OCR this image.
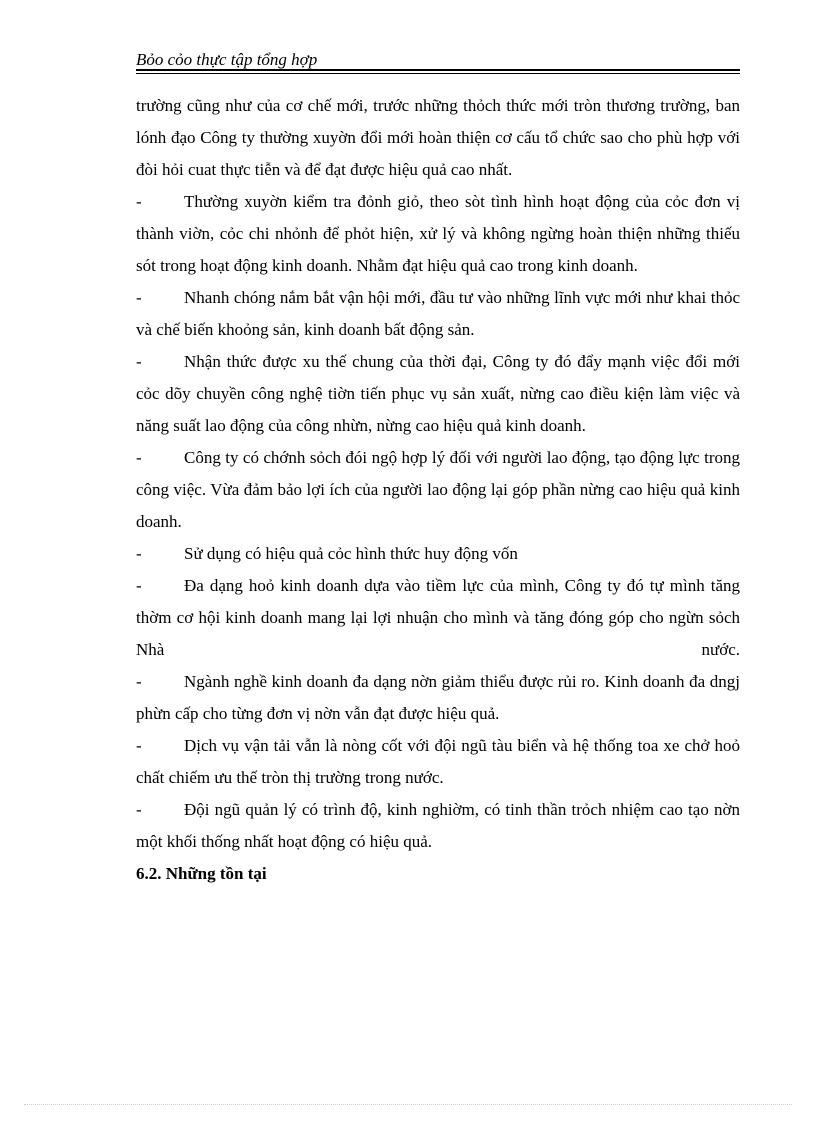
Bỏo cỏo thực tập tổng hợp

trường cũng như của cơ chế mới, trước những thỏch thức mới tròn thương trường, ban lónh đạo Công ty thường xuyờn đổi mới hoàn thiện cơ cấu tổ chức sao cho phù hợp với đòi hỏi cuat thực tiễn và để đạt được hiệu quả cao nhất.

-	Thường xuyờn kiểm tra đỏnh giỏ, theo sòt tình hình hoạt động của cỏc đơn vị thành viờn, cỏc chi nhỏnh để phỏt hiện, xử lý và không ngừng hoàn thiện những thiếu sót trong hoạt động kinh doanh. Nhằm đạt hiệu quả cao trong kinh doanh.

-	Nhanh chóng nắm bắt vận hội mới, đầu tư vào những lĩnh vực mới như khai thỏc và chế biến khoỏng sản, kinh doanh bất động sản.

-	Nhận thức được xu thế chung của thời đại, Công ty đó đẩy mạnh việc đổi mới cỏc dõy chuyền công nghệ tiờn tiến phục vụ sản xuất, nừng cao điều kiện làm việc và năng suất lao động của công nhừn, nừng cao hiệu quả kinh doanh.

-	Công ty có chớnh sỏch đói ngộ hợp lý đối với người lao động, tạo động lực trong công việc. Vừa đảm bảo lợi ích của người lao động lại góp phần nừng cao hiệu quả kinh doanh.

-	Sử dụng có hiệu quả cỏc hình thức huy động vốn

-	Đa dạng hoỏ kinh doanh dựa vào tiềm lực của mình, Công ty đó tự mình tăng thờm cơ hội kinh doanh mang lại lợi nhuận cho mình và tăng đóng góp cho ngừn sỏch Nhà nước.

-	Ngành nghề kinh doanh đa dạng nờn giảm thiểu được rủi ro. Kinh doanh đa dngj phừn cấp cho từng đơn vị nờn vẫn đạt được hiệu quả.

-	Dịch vụ vận tải vẫn là nòng cốt với đội ngũ tàu biển và hệ thống toa xe chở hoỏ chất chiếm ưu thế tròn thị trường trong nước.

-	Đội ngũ quản lý có trình độ, kinh nghiờm, có tinh thần trỏch nhiệm cao tạo nờn một khối thống nhất hoạt động có hiệu quả.

6.2. Những tồn tại
